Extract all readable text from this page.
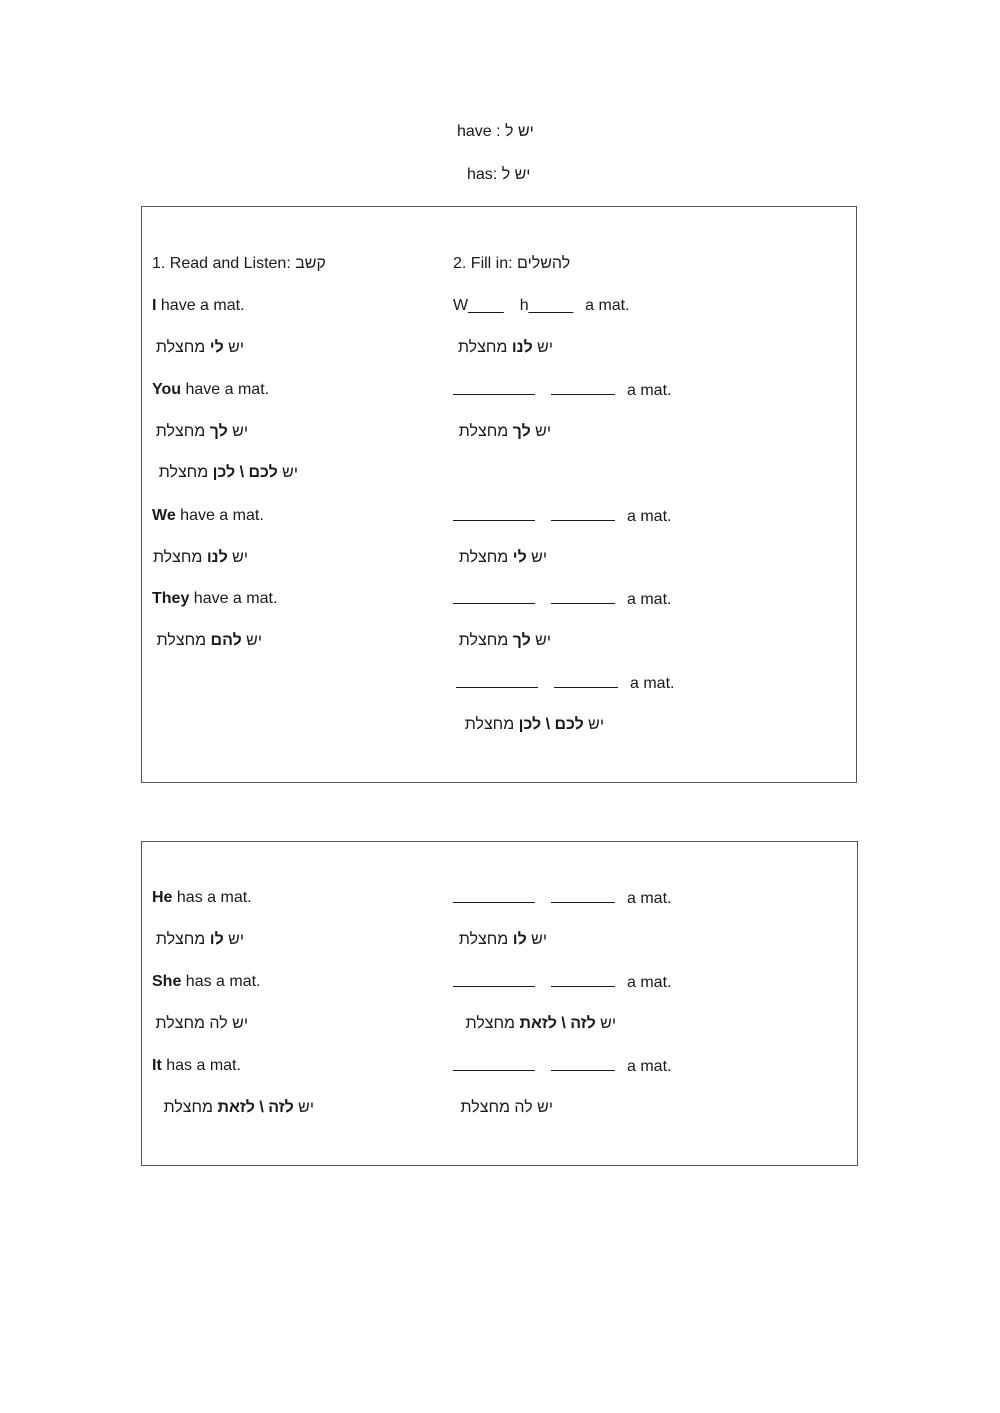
have : יש ל
has: יש ל
1. Read and Listen: קשב	2. Fill in: להשלים
I have a mat.
יש לי מחצלת
You have a mat.
יש לך מחצלת
יש לכם \ לכן מחצלת
We have a mat.
יש לנו מחצלת
They have a mat.
יש להם מחצלת
W____ h_____ a mat.
יש לנו מחצלת
a mat.
יש לך מחצלת
a mat.
יש לי מחצלת
a mat.
יש לך מחצלת
a mat.
יש לכם \ לכן מחצלת
He has a mat.
יש לו מחצלת
She has a mat.
יש לה מחצלת
It has a mat.
יש לזה \ לזאת מחצלת
a mat.
יש לו מחצלת
a mat.
יש לזה \ לזאת מחצלת
a mat.
יש לה מחצלת
